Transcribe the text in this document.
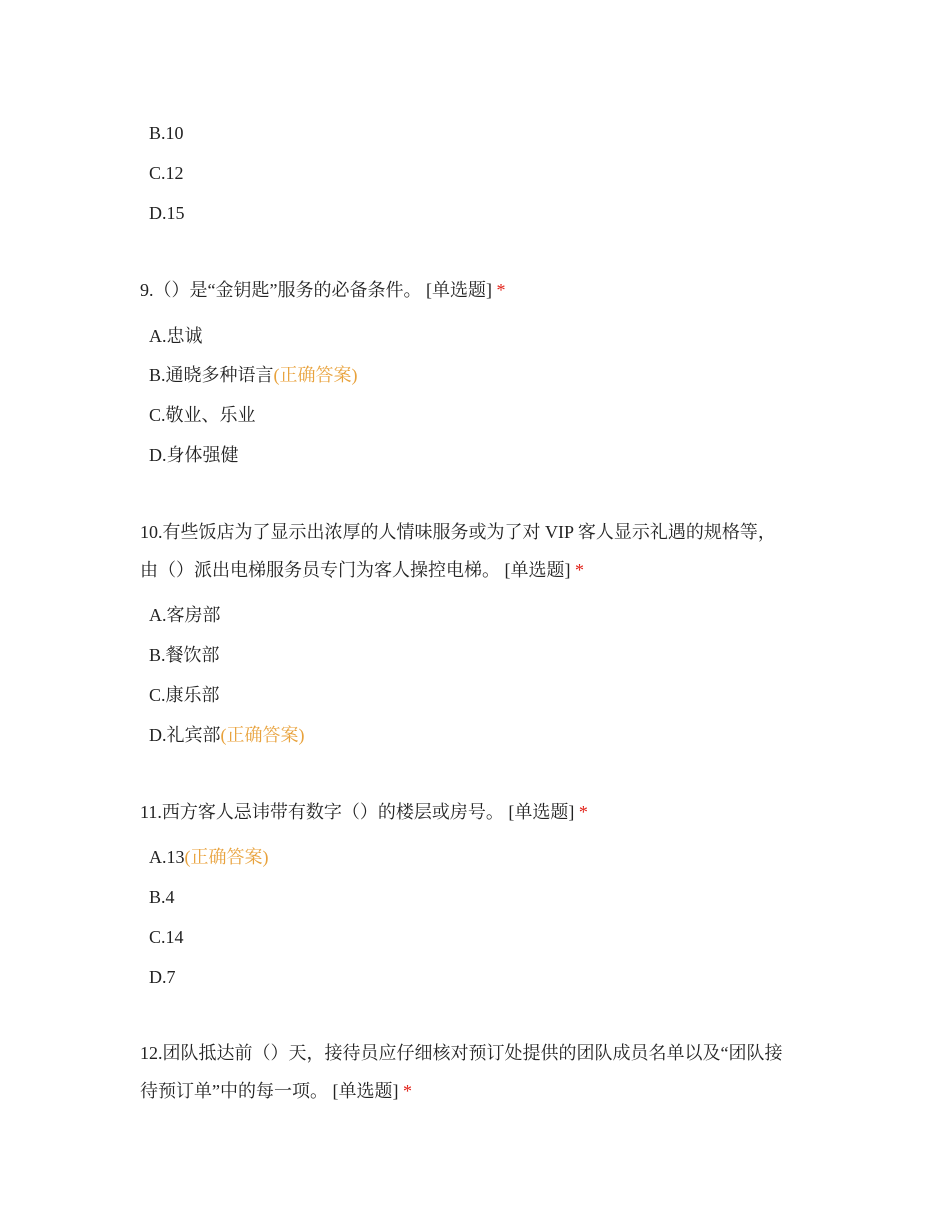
B.10
C.12
D.15
9.（）是“金钥匙”服务的必备条件。 [单选题] *
A.忠诚
B.通晓多种语言(正确答案)
C.敬业、乐业
D.身体强健
10.有些饭店为了显示出浓厚的人情味服务或为了对 VIP 客人显示礼遇的规格等，
由（）派出电梯服务员专门为客人操控电梯。 [单选题] *
A.客房部
B.餐饮部
C.康乐部
D.礼宾部(正确答案)
11.西方客人忌讳带有数字（）的楼层或房号。 [单选题] *
A.13(正确答案)
B.4
C.14
D.7
12.团队抵达前（）天，接待员应仔细核对预订处提供的团队成员名单以及“团队接
待预订单”中的每一项。 [单选题] *
